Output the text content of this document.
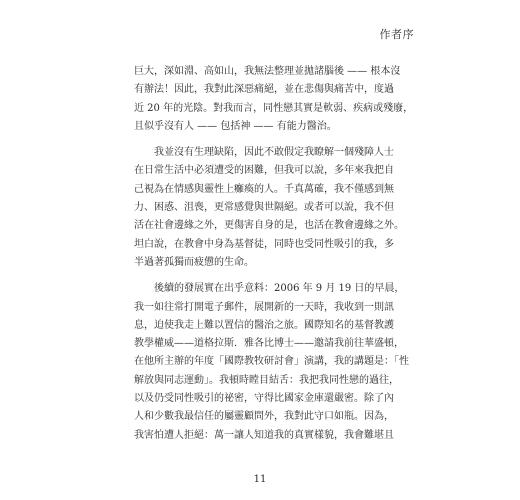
作者序
巨大，深如淵、高如山，我無法整理並拋諸腦後 —— 根本沒
有辦法！因此，我對此深惡痛絕，並在悲傷與痛苦中，度過
近 20 年的光陰。對我而言，同性戀其實是軟弱、疾病或殘廢，
且似乎沒有人 —— 包括神 —— 有能力醫治。
我並沒有生理缺陷，因此不敢假定我瞭解一個殘障人士
在日常生活中必須遭受的困難，但我可以說，多年來我把自
己視為在情感與靈性上癱瘓的人。千真萬確，我不僅感到無
力、困惑、沮喪，更常感覺與世隔絕。或者可以說，我不但
活在社會邊緣之外，更傷害自身的是，也活在教會邊緣之外。
坦白說，在教會中身為基督徒，同時也受同性吸引的我，多
半過著孤獨而疲憊的生命。
後續的發展實在出乎意料：2006 年 9 月 19 日的早晨，
我一如往常打開電子郵件，展開新的一天時，我收到一則訊
息，迫使我走上難以置信的醫治之旅。國際知名的基督教護
教學權威——道格拉斯．雅各比博士——邀請我前往華盛頓，
在他所主辦的年度「國際教牧研討會」演講，我的講題是：「性
解放與同志運動」。我頓時瞠目結舌：我把我同性戀的過往，
以及仍受同性吸引的祕密，守得比國家金庫還嚴密。除了內
人和少數我最信任的屬靈顧問外，我對此守口如瓶。因為，
我害怕遭人拒絕：萬一讓人知道我的真實樣貌，我會難堪且
11
